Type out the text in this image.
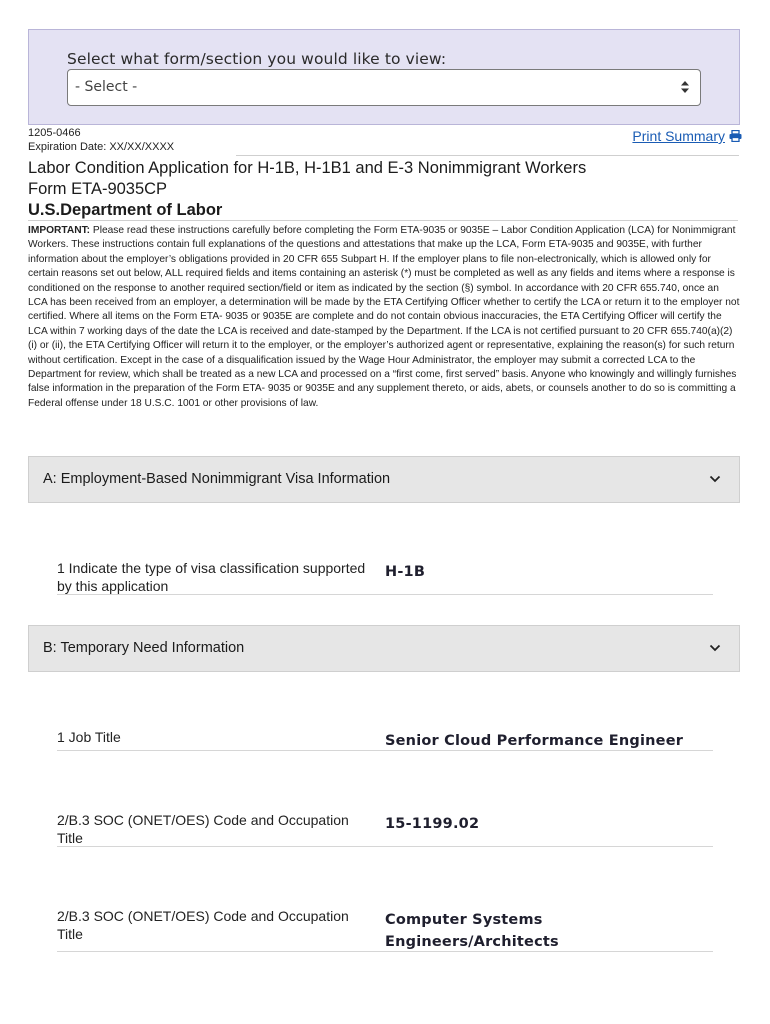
Select what form/section you would like to view:
- Select -
1205-0466
Expiration Date: XX/XX/XXXX
Print Summary
Labor Condition Application for H-1B, H-1B1 and E-3 Nonimmigrant Workers
Form ETA-9035CP
U.S.Department of Labor
IMPORTANT: Please read these instructions carefully before completing the Form ETA-9035 or 9035E – Labor Condition Application (LCA) for Nonimmigrant Workers. These instructions contain full explanations of the questions and attestations that make up the LCA, Form ETA-9035 and 9035E, with further information about the employer’s obligations provided in 20 CFR 655 Subpart H. If the employer plans to file non-electronically, which is allowed only for certain reasons set out below, ALL required fields and items containing an asterisk (*) must be completed as well as any fields and items where a response is conditioned on the response to another required section/field or item as indicated by the section (§) symbol. In accordance with 20 CFR 655.740, once an LCA has been received from an employer, a determination will be made by the ETA Certifying Officer whether to certify the LCA or return it to the employer not certified. Where all items on the Form ETA- 9035 or 9035E are complete and do not contain obvious inaccuracies, the ETA Certifying Officer will certify the LCA within 7 working days of the date the LCA is received and date-stamped by the Department. If the LCA is not certified pursuant to 20 CFR 655.740(a)(2)(i) or (ii), the ETA Certifying Officer will return it to the employer, or the employer’s authorized agent or representative, explaining the reason(s) for such return without certification. Except in the case of a disqualification issued by the Wage Hour Administrator, the employer may submit a corrected LCA to the Department for review, which shall be treated as a new LCA and processed on a “first come, first served” basis. Anyone who knowingly and willingly furnishes false information in the preparation of the Form ETA- 9035 or 9035E and any supplement thereto, or aids, abets, or counsels another to do so is committing a Federal offense under 18 U.S.C. 1001 or other provisions of law.
A: Employment-Based Nonimmigrant Visa Information
1 Indicate the type of visa classification supported by this application
H-1B
B: Temporary Need Information
1 Job Title	Senior Cloud Performance Engineer
2/B.3 SOC (ONET/OES) Code and Occupation Title
15-1199.02
2/B.3 SOC (ONET/OES) Code and Occupation Title
Computer Systems Engineers/Architects
